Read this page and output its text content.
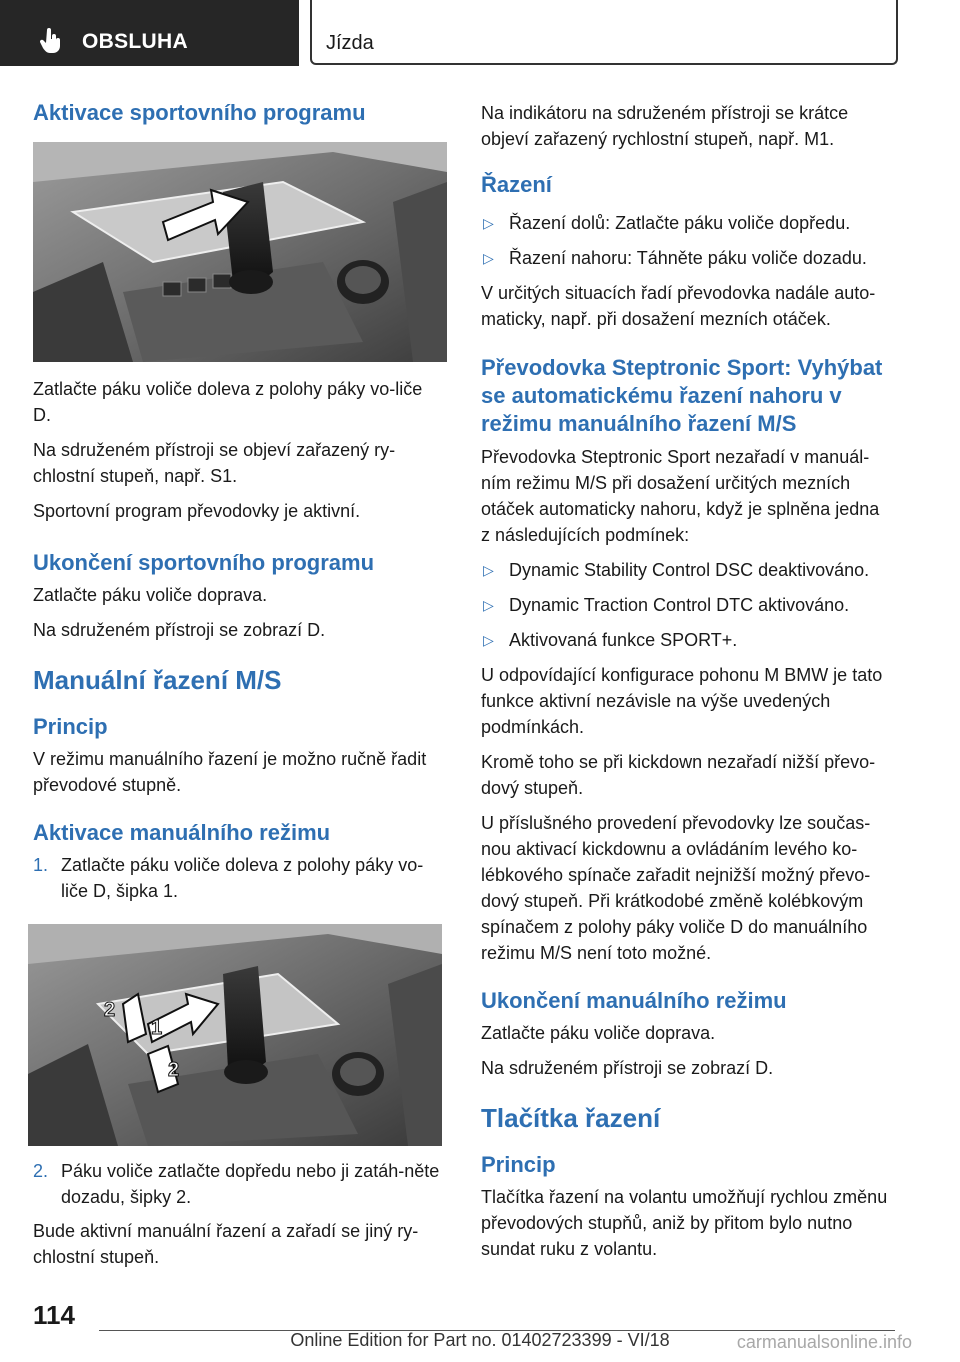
OBSLUHA	Jízda
Aktivace sportovního programu

Zatlačte páku voliče doleva z polohy páky vo-liče D.

Na sdruženém přístroji se objeví zařazený ry-chlostní stupeň, např. S1.

Sportovní program převodovky je aktivní.

Ukončení sportovního programu

Zatlačte páku voliče doprava.

Na sdruženém přístroji se zobrazí D.

Manuální řazení M/S
Princip

V režimu manuálního řazení je možno ručně řadit převodové stupně.

Aktivace manuálního režimu
1. Zatlačte páku voliče doleva z polohy páky vo-liče D, šipka 1.
2
1
2
2. Páku voliče zatlačte dopředu nebo ji zatáh-něte dozadu, šipky 2.

Bude aktivní manuální řazení a zařadí se jiný ry-chlostní stupeň.

Na indikátoru na sdruženém přístroji se krátce objeví zařazený rychlostní stupeň, např. M1.

Řazení
▷ Řazení dolů: Zatlačte páku voliče dopředu.
▷ Řazení nahoru: Táhněte páku voliče dozadu.

V určitých situacích řadí převodovka nadále auto-maticky, např. při dosažení mezních otáček.

Převodovka Steptronic Sport: Vyhýbat se automatickému řazení nahoru v režimu manuálního řazení M/S

Převodovka Steptronic Sport nezařadí v manuál-ním režimu M/S při dosažení určitých mezních otáček automaticky nahoru, když je splněna jedna z následujících podmínek:

▷ Dynamic Stability Control DSC deaktivováno.
▷ Dynamic Traction Control DTC aktivováno.
▷ Aktivovaná funkce SPORT+.

U odpovídající konfigurace pohonu M BMW je tato funkce aktivní nezávisle na výše uvedených podmínkách.

Kromě toho se při kickdown nezařadí nižší převo-dový stupeň.

U příslušného provedení převodovky lze součas-nou aktivací kickdownu a ovládáním levého ko-lébkového spínače zařadit nejnižší možný převo-dový stupeň. Při krátkodobé změně kolébkovým spínačem z polohy páky voliče D do manuálního režimu M/S není toto možné.

Ukončení manuálního režimu

Zatlačte páku voliče doprava.

Na sdruženém přístroji se zobrazí D.

Tlačítka řazení
Princip

Tlačítka řazení na volantu umožňují rychlou změnu převodových stupňů, aniž by přitom bylo nutno sundat ruku z volantu.

114
Online Edition for Part no. 01402723399 - VI/18	carmanualsonline.info
